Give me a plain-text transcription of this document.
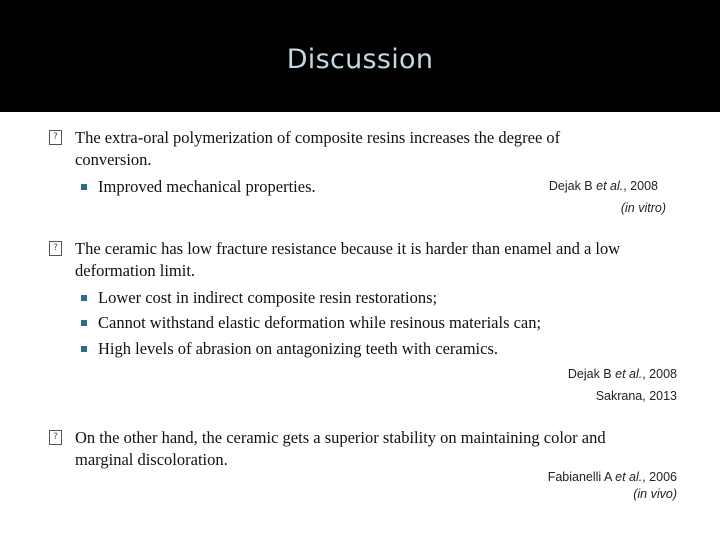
Discussion
? The extra-oral polymerization of composite resins increases the degree of
conversion.
Improved mechanical properties.	Dejak B et al., 2008
(in vitro)
? The ceramic has low fracture resistance because it is harder than enamel and a low
deformation limit.
Lower cost in indirect composite resin restorations;
Cannot withstand elastic deformation while resinous materials can;
High levels of abrasion on antagonizing teeth with ceramics.
Dejak B et al., 2008
Sakrana, 2013
? On the other hand, the ceramic gets a superior stability on maintaining color and
marginal discoloration.
Fabianelli A et al., 2006
(in vivo)
